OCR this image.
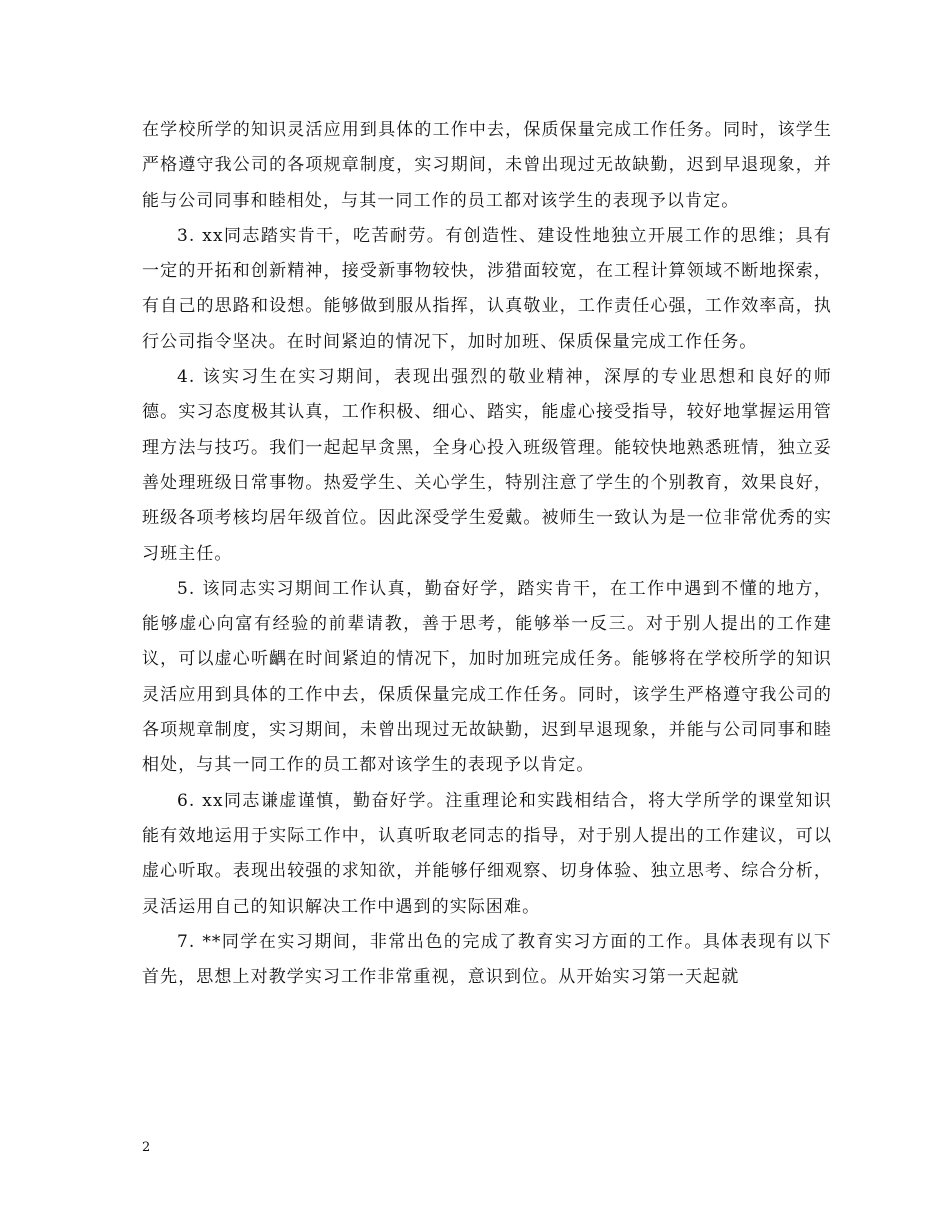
在学校所学的知识灵活应用到具体的工作中去，保质保量完成工作任务。同时，该学生严格遵守我公司的各项规章制度，实习期间，未曾出现过无故缺勤，迟到早退现象，并能与公司同事和睦相处，与其一同工作的员工都对该学生的表现予以肯定。

3. xx同志踏实肯干，吃苦耐劳。有创造性、建设性地独立开展工作的思维；具有一定的开拓和创新精神，接受新事物较快，涉猎面较宽，在工程计算领域不断地探索，有自己的思路和设想。能够做到服从指挥，认真敬业，工作责任心强，工作效率高，执行公司指令坚决。在时间紧迫的情况下，加时加班、保质保量完成工作任务。

4. 该实习生在实习期间，表现出强烈的敬业精神，深厚的专业思想和良好的师德。实习态度极其认真，工作积极、细心、踏实，能虚心接受指导，较好地掌握运用管理方法与技巧。我们一起起早贪黑，全身心投入班级管理。能较快地熟悉班情，独立妥善处理班级日常事物。热爱学生、关心学生，特别注意了学生的个别教育，效果良好，班级各项考核均居年级首位。因此深受学生爱戴。被师生一致认为是一位非常优秀的实习班主任。

5. 该同志实习期间工作认真，勤奋好学，踏实肯干，在工作中遇到不懂的地方，能够虚心向富有经验的前辈请教，善于思考，能够举一反三。对于别人提出的工作建议，可以虚心听齵在时间紧迫的情况下，加时加班完成任务。能够将在学校所学的知识灵活应用到具体的工作中去，保质保量完成工作任务。同时，该学生严格遵守我公司的各项规章制度，实习期间，未曾出现过无故缺勤，迟到早退现象，并能与公司同事和睦相处，与其一同工作的员工都对该学生的表现予以肯定。

6. xx同志谦虚谨慎，勤奋好学。注重理论和实践相结合，将大学所学的课堂知识能有效地运用于实际工作中，认真听取老同志的指导，对于别人提出的工作建议，可以虚心听取。表现出较强的求知欲，并能够仔细观察、切身体验、独立思考、综合分析，灵活运用自己的知识解决工作中遇到的实际困难。

7. **同学在实习期间，非常出色的完成了教育实习方面的工作。具体表现有以下首先，思想上对教学实习工作非常重视，意识到位。从开始实习第一天起就

2
